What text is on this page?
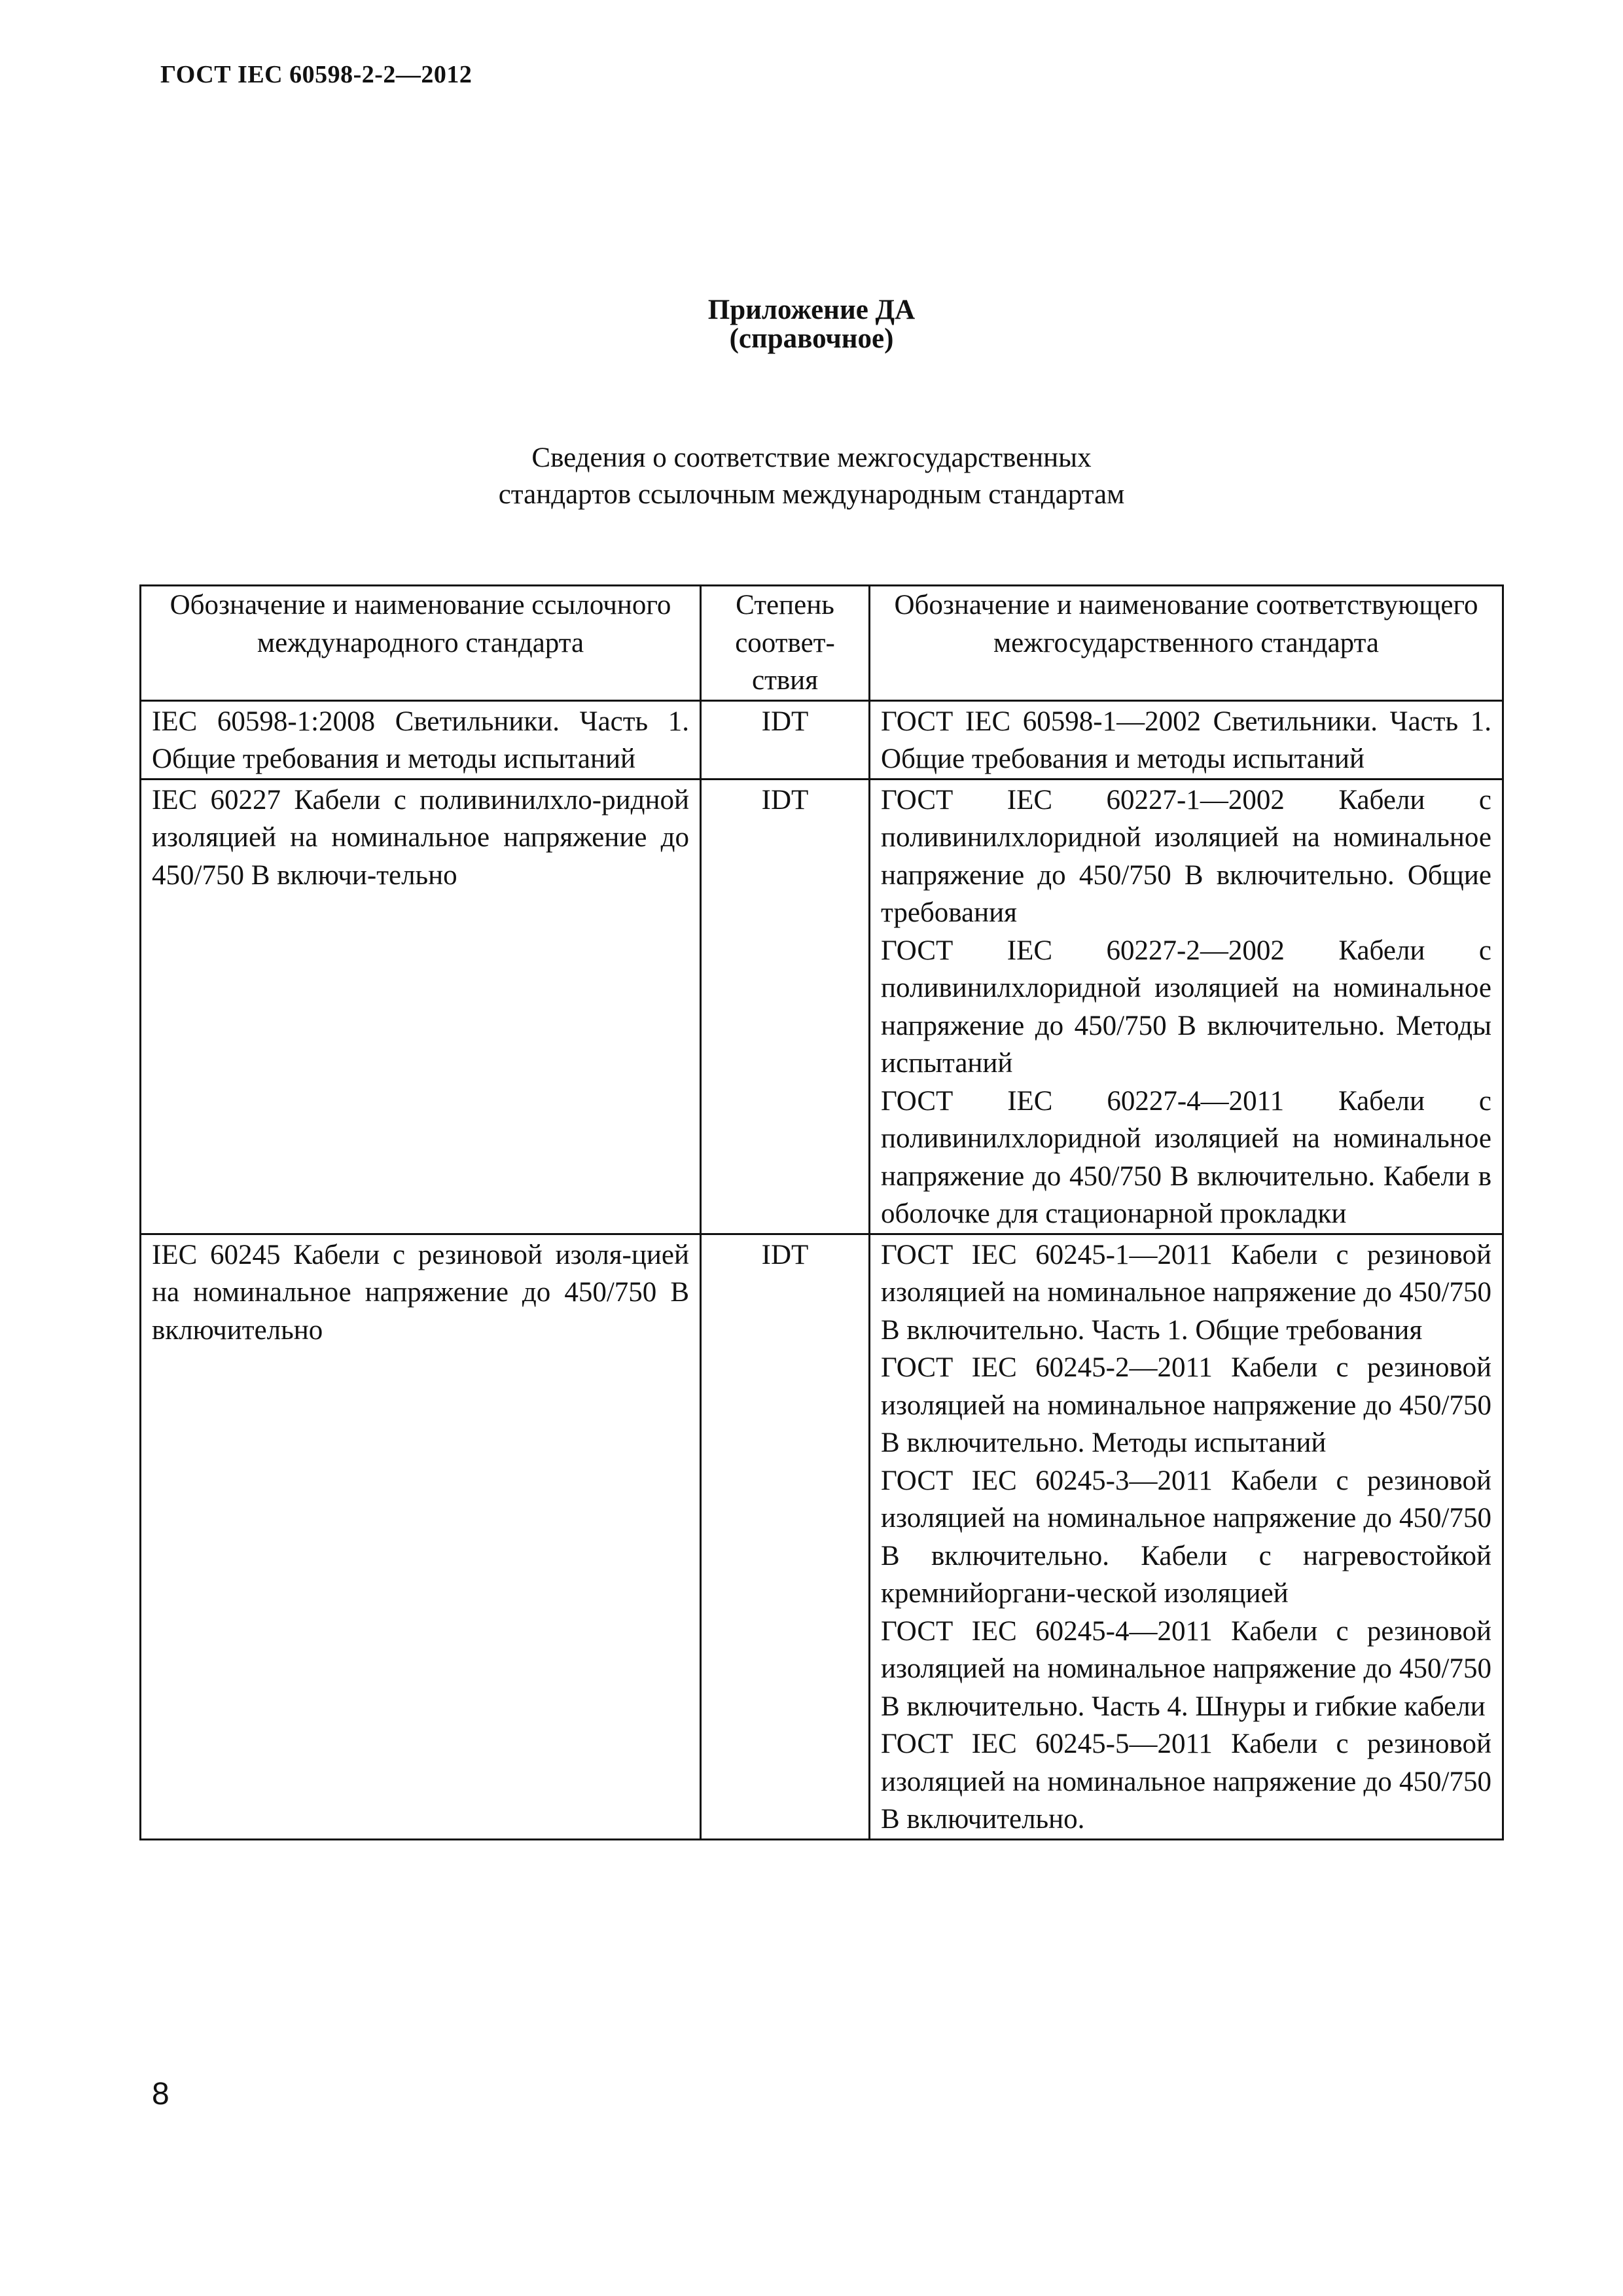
ГОСТ IEC 60598-2-2—2012
Приложение ДА
(справочное)
Сведения о соответствие межгосударственных
стандартов ссылочным международным стандартам
Обозначение и наименование ссылочного международного стандарта	Степень соответ-ствия	Обозначение и наименование соответствующего межгосударственного стандарта
IEC 60598-1:2008 Светильники. Часть 1. Общие требования и методы испытаний	IDT	ГОСТ IEC 60598-1—2002 Светильники. Часть 1. Общие требования и методы испытаний

IEC 60227 Кабели с поливинилхло-ридной изоляцией на номинальное напряжение до 450/750 В включи-тельно	IDT	ГОСТ IEC 60227-1—2002 Кабели с поливинилхлоридной изоляцией на номинальное напряжение до 450/750 В включительно. Общие требования
ГОСТ IEC 60227-2—2002 Кабели с поливинилхлоридной изоляцией на номинальное напряжение до 450/750 В включительно. Методы испытаний
ГОСТ IEC 60227-4—2011 Кабели с поливинилхлоридной изоляцией на номинальное напряжение до 450/750 В включительно. Кабели в оболочке для стационарной прокладки

IEC 60245 Кабели с резиновой изоля-цией на номинальное напряжение до 450/750 В включительно	IDT	ГОСТ IEC 60245-1—2011 Кабели с резиновой изоляцией на номинальное напряжение до 450/750 В включительно. Часть 1. Общие требования
ГОСТ IEC 60245-2—2011 Кабели с резиновой изоляцией на номинальное напряжение до 450/750 В включительно. Методы испытаний
ГОСТ IEC 60245-3—2011 Кабели с резиновой изоляцией на номинальное напряжение до 450/750 В включительно. Кабели с нагревостойкой кремнийоргани-ческой изоляцией
ГОСТ IEC 60245-4—2011 Кабели с резиновой изоляцией на номинальное напряжение до 450/750 В включительно. Часть 4. Шнуры и гибкие кабели
ГОСТ IEC 60245-5—2011 Кабели с резиновой изоляцией на номинальное напряжение до 450/750 В включительно.
8
